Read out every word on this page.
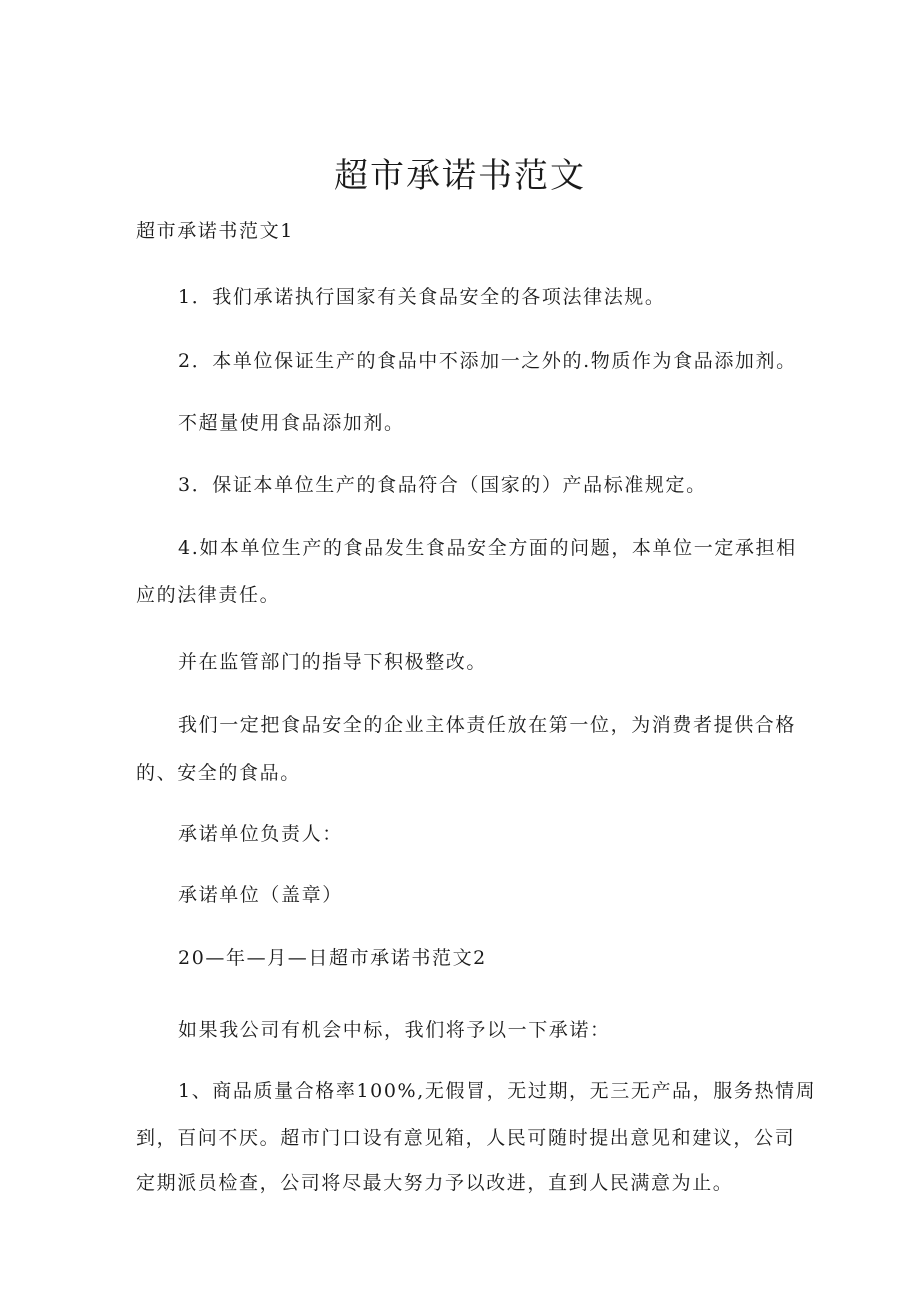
超市承诺书范文

超市承诺书范文1

1．我们承诺执行国家有关食品安全的各项法律法规。

2．本单位保证生产的食品中不添加一之外的.物质作为食品添加剂。

不超量使用食品添加剂。

3．保证本单位生产的食品符合（国家的）产品标准规定。

4.如本单位生产的食品发生食品安全方面的问题，本单位一定承担相

应的法律责任。

并在监管部门的指导下积极整改。

我们一定把食品安全的企业主体责任放在第一位，为消费者提供合格

的、安全的食品。

承诺单位负责人：

承诺单位（盖章）

20—年—月—日超市承诺书范文2

如果我公司有机会中标，我们将予以一下承诺：

1、商品质量合格率100%,无假冒，无过期，无三无产品，服务热情周

到，百问不厌。超市门口设有意见箱，人民可随时提出意见和建议，公司

定期派员检查，公司将尽最大努力予以改进，直到人民满意为止。
